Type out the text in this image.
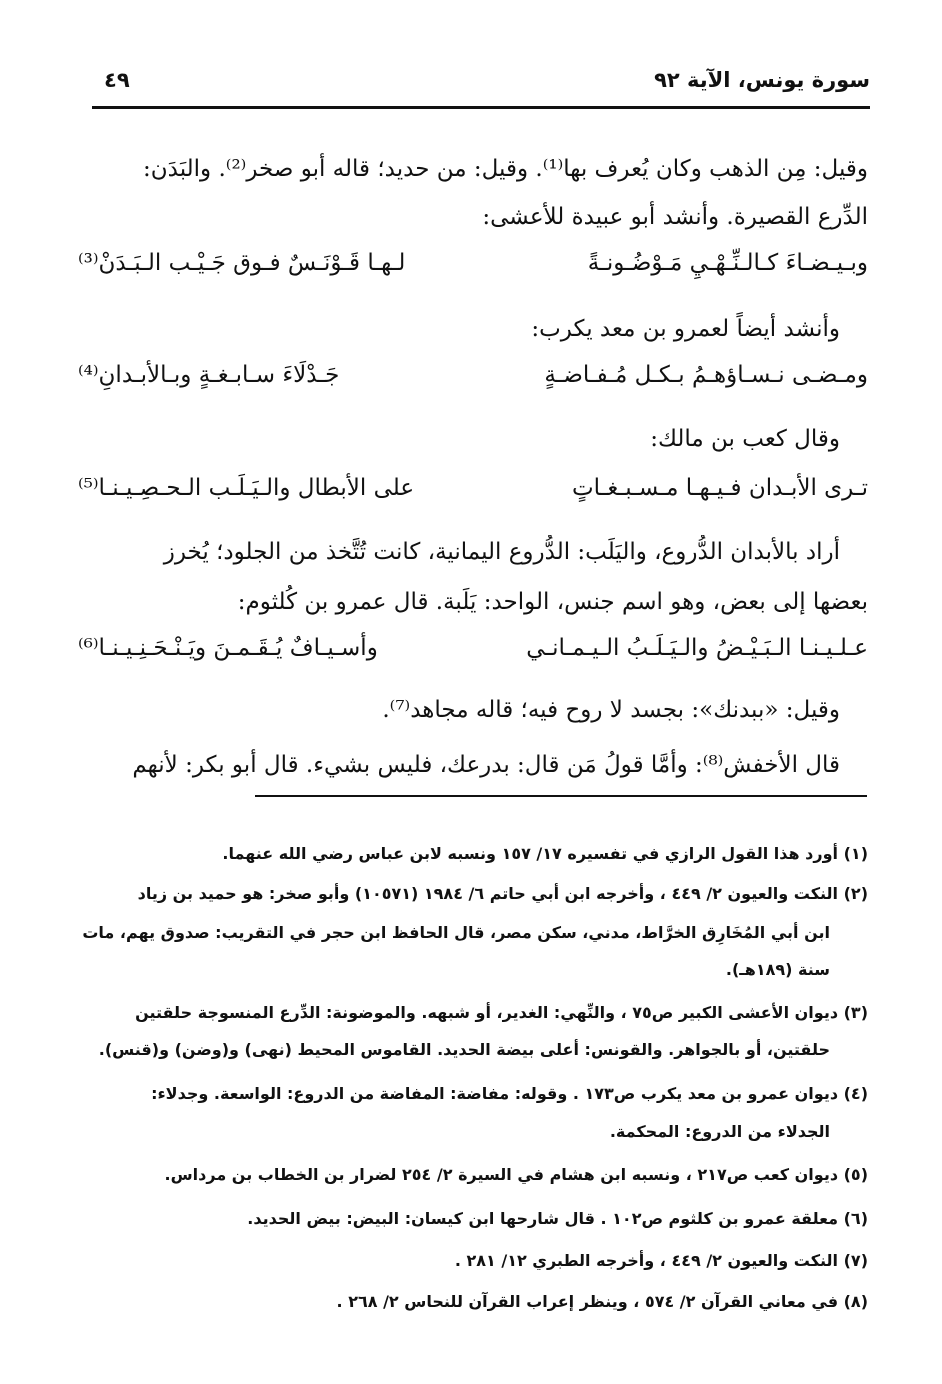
سورة يونس، الآية ٩٢
٤٩
وقيل: مِن الذهب وكان يُعرف بها⁽¹⁾. وقيل: من حديد؛ قاله أبو صخر⁽²⁾. والبَدَن:
الدِّرع القصيرة. وأنشد أبو عبيدة للأعشى:
وبـيـضـاءَ كـالـنِّـهْـيِ مَـوْضُـونـةً
لـهـا قَـوْنَـسٌ فـوق جَـيْـب الـبَـدَنْ⁽³⁾
وأنشد أيضاً لعمرو بن معد يكرب:
ومـضـى نـسـاؤهـمُ بـكـل مُـفـاضـةٍ
جَـدْلَاءَ سـابـغـةٍ وبـالأبـدانِ⁽⁴⁾
وقال كعب بن مالك:
تـرى الأبـدان فـيـهـا مـسـبـغـاتٍ
على الأبطال والـيَـلَـب الـحـصِـيـنـا⁽⁵⁾
أراد بالأبدان الدُّروع، واليَلَب: الدُّروع اليمانية، كانت تُتَّخذ من الجلود؛ يُخرز
بعضها إلى بعض، وهو اسم جنس، الواحد: يَلَبة. قال عمرو بن كُلثوم:
عـلـيـنـا الـبَـيْـضُ والـيَـلَـبُ الـيـمـانـي
وأسـيـافٌ يُـقَـمـنَ ويَـنْـحَـنِـيـنـا⁽⁶⁾
وقيل: «ببدنك»: بجسد لا روح فيه؛ قاله مجاهد⁽⁷⁾.
قال الأخفش⁽⁸⁾: وأمَّا قولُ مَن قال: بدرعك، فليس بشيء. قال أبو بكر: لأنهم
(١) أورد هذا القول الرازي في تفسيره ١٧/ ١٥٧ ونسبه لابن عباس رضي الله عنهما.
(٢) النكت والعيون ٢/ ٤٤٩ ، وأخرجه ابن أبي حاتم ٦/ ١٩٨٤ (١٠٥٧١) وأبو صخر: هو حميد بن زياد
ابن أبي المُخَارِق الخرَّاط، مدني، سكن مصر، قال الحافظ ابن حجر في التقريب: صدوق يهم، مات
سنة (١٨٩هـ).
(٣) ديوان الأعشى الكبير ص٧٥ ، والنِّهي: الغدير، أو شبهه. والموضونة: الدِّرع المنسوجة حلقتين
حلقتين، أو بالجواهر. والقونس: أعلى بيضة الحديد. القاموس المحيط (نهى) و(وضن) و(قنس).
(٤) ديوان عمرو بن معد يكرب ص١٧٣ . وقوله: مفاضة: المفاضة من الدروع: الواسعة. وجدلاء:
الجدلاء من الدروع: المحكمة.
(٥) ديوان كعب ص٢١٧ ، ونسبه ابن هشام في السيرة ٢/ ٢٥٤ لضرار بن الخطاب بن مرداس.
(٦) معلقة عمرو بن كلثوم ص١٠٢ . قال شارحها ابن كيسان: البيض: بيض الحديد.
(٧) النكت والعيون ٢/ ٤٤٩ ، وأخرجه الطبري ١٢/ ٢٨١ .
(٨) في معاني القرآن ٢/ ٥٧٤ ، وينظر إعراب القرآن للنحاس ٢/ ٢٦٨ .
